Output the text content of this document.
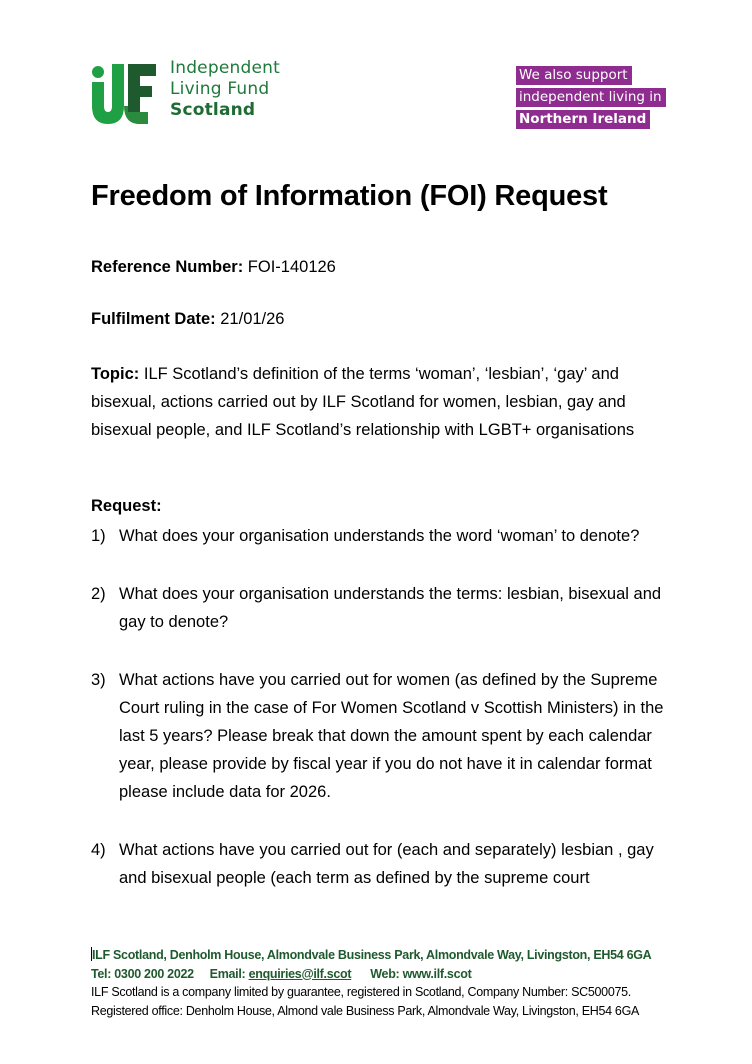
Independent
Living Fund
Scotland
We also support
independent living in
Northern Ireland
Freedom of Information (FOI) Request
Reference Number: FOI-140126
Fulfilment Date: 21/01/26
Topic: ILF Scotland’s definition of the terms ‘woman’, ‘lesbian’, ‘gay’ and bisexual, actions carried out by ILF Scotland for women, lesbian, gay and bisexual people, and ILF Scotland’s relationship with LGBT+ organisations
Request:
1) What does your organisation understands the word ‘woman’ to denote?
2) What does your organisation understands the terms: lesbian, bisexual and gay to denote?
3) What actions have you carried out for women (as defined by the Supreme Court ruling in the case of For Women Scotland v Scottish Ministers) in the last 5 years? Please break that down the amount spent by each calendar year, please provide by fiscal year if you do not have it in calendar format please include data for 2026.
4) What actions have you carried out for (each and separately) lesbian , gay and bisexual people (each term as defined by the supreme court
ILF Scotland, Denholm House, Almondvale Business Park, Almondvale Way, Livingston, EH54 6GA
Tel: 0300 200 2022 Email: enquiries@ilf.scot Web: www.ilf.scot
ILF Scotland is a company limited by guarantee, registered in Scotland, Company Number: SC500075.
Registered office: Denholm House, Almond vale Business Park, Almondvale Way, Livingston, EH54 6GA
